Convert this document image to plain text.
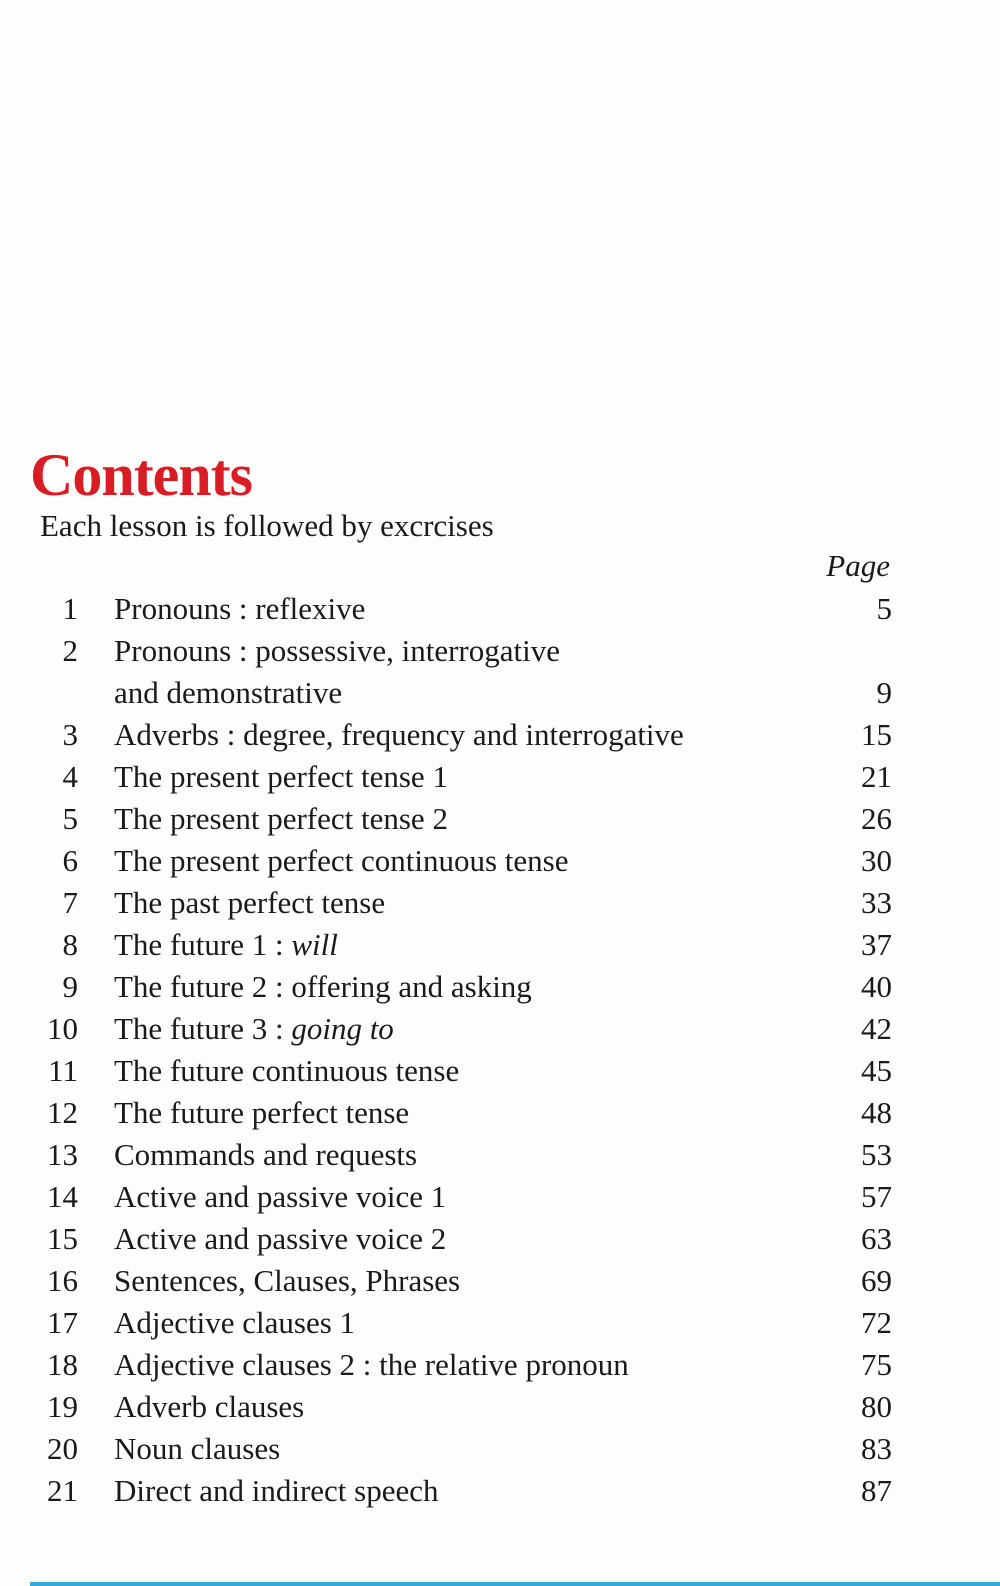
Contents
Each lesson is followed by excrcises
Page
1 Pronouns : reflexive	5
2 Pronouns : possessive, interrogative
and demonstrative	9
3 Adverbs : degree, frequency and interrogative	15
4 The present perfect tense 1	21
5 The present perfect tense 2	26
6 The present perfect continuous tense	30
7 The past perfect tense	33
8 The future 1 : will	37
9 The future 2 : offering and asking	40
10 The future 3 : going to	42
11 The future continuous tense	45
12 The future perfect tense	48
13 Commands and requests	53
14 Active and passive voice 1	57
15 Active and passive voice 2	63
16 Sentences, Clauses, Phrases	69
17 Adjective clauses 1	72
18 Adjective clauses 2 : the relative pronoun	75
19 Adverb clauses	80
20 Noun clauses	83
21 Direct and indirect speech	87
